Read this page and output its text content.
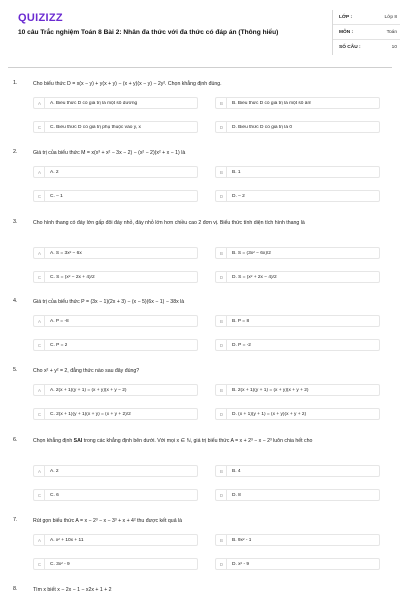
QUIZIZZ
10 câu Trắc nghiệm Toán 8 Bài 2: Nhân đa thức với đa thức có đáp án (Thông hiểu)
LỚP :	Lớp 8
MÔN :	Toán
SỐ CÂU :	10
1.	Cho biểu thức D = x(x − y) + y(x + y) − (x + y)(x − y) − 2y². Chọn khẳng định đúng.
A	A. Biểu thức D có giá trị là một số dương	B	B. Biểu thức D có giá trị là một số âm
C	C. Biểu thức D có giá trị phụ thuộc vào y, x	D	D. Biểu thức D có giá trị là 0
2.	Giá trị của biểu thức M = x(x³ + x² − 3x − 2) − (x² − 2)(x² + x − 1) là
A	A. 2	B	B. 1
C	C. – 1	D	D. – 2
3.	Cho hình thang có đáy lớn gấp đôi đáy nhỏ, đáy nhỏ lớn hơn chiều cao 2 đơn vị. Biểu thức tính diện tích hình thang là
A	A. S = 3x² − 6x	B	B. S = (3x² − 6x)/2
C	C. S = (x² − 2x + 4)/2	D	D. S = (x² + 2x − 4)/2
4.	Giá trị của biểu thức P = (3x − 1)(2x + 3) − (x − 5)(6x − 1) − 38x là
A	A. P = -8	B	B. P = 8
C	C. P = 2	D	D. P = -2
5.	Cho x² + y² = 2, đẳng thức nào sau đây đúng?
A	A. 2(x + 1)(y + 1) = (x + y)(x + y − 2)	B	B. 2(x + 1)(y + 1) = (x + y)(x + y + 2)
C	C. 2(x + 1)(y + 1)(x + y) = (x + y + 2)/2	D	D. (x + 1)(y + 1) = (x + y)(x + y + 2)
6.	Chọn khẳng định SAI trong các khẳng định bên dưới. Với mọi x ∈ ℕ, giá trị biểu thức A = x + 2³ − x − 2³ luôn chia hết cho
A	A. 2	B	B. 4
C	C. 6	D	D. 8
7.	Rút gọn biểu thức A = x − 2³ − x − 3³ + x + 4² thu được kết quả là
A	A. x² + 10x + 11	B	B. 9x² - 1
C	C. 3x² - 9	D	D. x² - 9
8.	Tìm x biết x − 2x − 1 − x2x + 1 + 2
